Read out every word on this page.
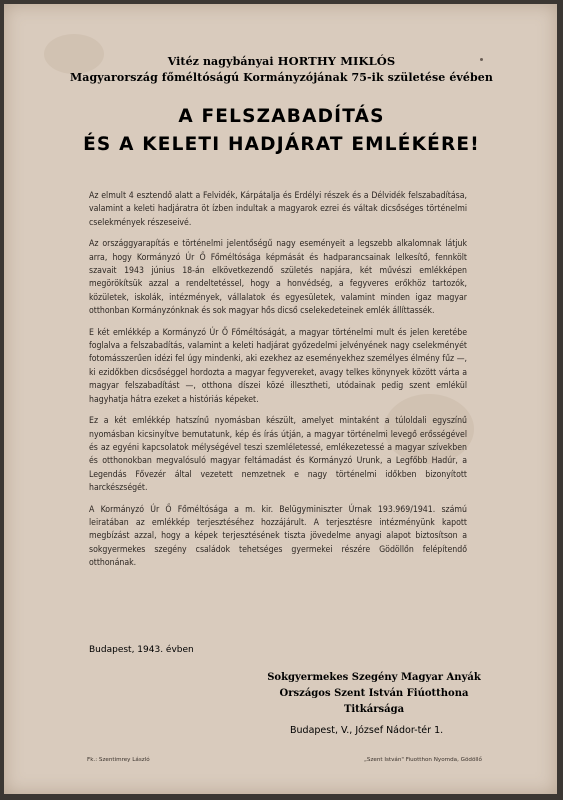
Vitéz nagybányai HORTHY MIKLÓS
Magyarország főméltóságú Kormányzójának 75-ik születése évében
A FELSZABADÍTÁS
ÉS A KELETI HADJÁRAT EMLÉKÉRE!

Az elmult 4 esztendő alatt a Felvidék, Kárpátalja és Erdélyi részek és a Délvidék felszabadítása, valamint a keleti hadjáratra öt ízben indultak a magyarok ezrei és váltak dicsőséges történelmi cselekmények részeseivé.

Az országgyarapítás e történelmi jelentőségű nagy eseményeit a legszebb alkalomnak látjuk arra, hogy Kormányzó Úr Ő Főméltósága képmását és hadparancsainak lelkesítő, fennkölt szavait 1943 június 18-án elkövetkezendő születés napjára, két művészi emlékképen megörökítsük azzal a rendeltetéssel, hogy a honvédség, a fegyveres erőkhöz tartozók, közületek, iskolák, intézmények, vállalatok és egyesületek, valamint minden igaz magyar otthonban Kormányzónknak és sok magyar hős dicső cselekedeteinek emlék állíttassék.

E két emlékkép a Kormányzó Úr Ő Főméltóságát, a magyar történelmi mult és jelen keretébe foglalva a felszabadítás, valamint a keleti hadjárat győzedelmi jelvényének nagy cselekményét fotomásszerűen idézi fel úgy mindenki, aki ezekhez az eseményekhez személyes élmény fűz —, ki ezidőkben dicsőséggel hordozta a magyar fegyvereket, avagy telkes könynyek között várta a magyar felszabadítást —, otthona díszei közé illesztheti, utódainak pedig szent emlékül hagyhatja hátra ezeket a históriás képeket.

Ez a két emlékkép hatszínű nyomásban készült, amelyet mintaként a túloldali egyszínű nyomásban kicsinyítve bemutatunk, kép és írás útján, a magyar történelmi levegő erősségével és az egyéni kapcsolatok mélységével teszi szemléletessé, emlékezetessé a magyar szívekben és otthonokban megvalósuló magyar feltámadást és Kormányzó Urunk, a Legfőbb Hadúr, a Legendás Fővezér által vezetett nemzetnek e nagy történelmi időkben bizonyított harckészségét.

A Kormányzó Úr Ő Főméltósága a m. kir. Belügyminiszter Úrnak 193.969/1941. számú leiratában az emlékkép terjesztéséhez hozzájárult. A terjesztésre intézményünk kapott megbízást azzal, hogy a képek terjesztésének tiszta jövedelme anyagi alapot biztosítson a sokgyermekes szegény családok tehetséges gyermekei részére Gödöllőn felépítendő otthonának.

Budapest, 1943. évben
Sokgyermekes Szegény Magyar Anyák
Országos Szent István Fiúotthona
Titkársága
Budapest, V., József Nádor-tér 1.
Fk.: Szentimrey László	„Szent István" Fiuotthon Nyomda, Gödöllő
